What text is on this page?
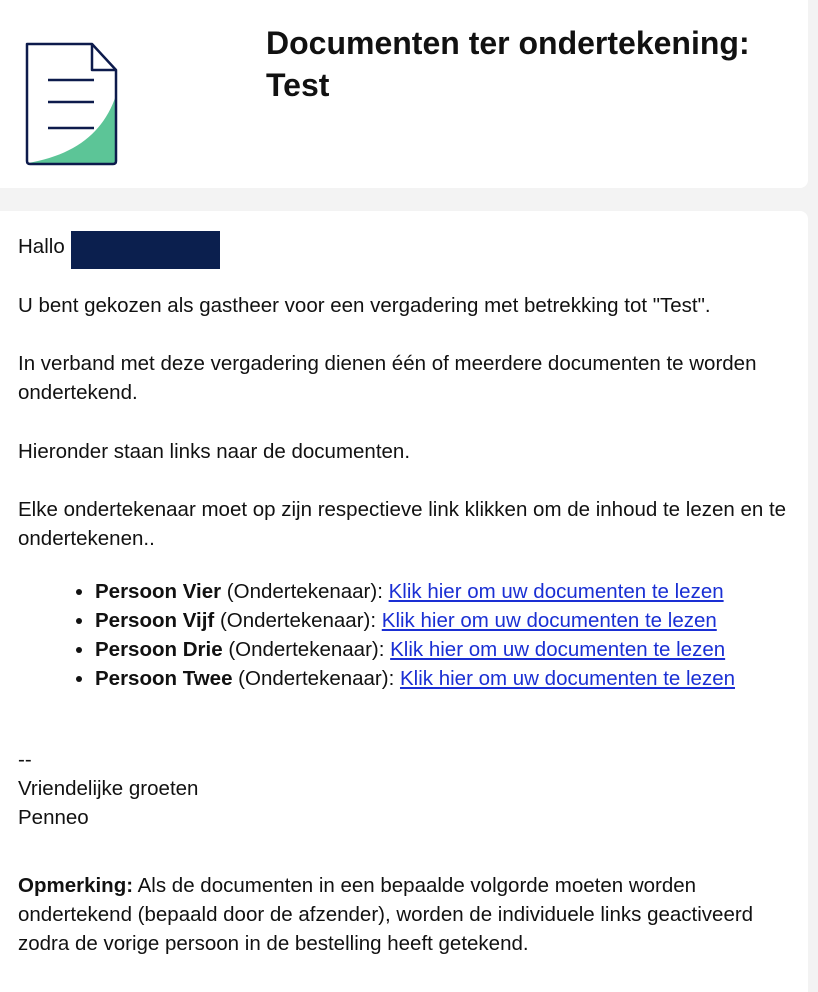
Documenten ter ondertekening:
Test
Hallo

U bent gekozen als gastheer voor een vergadering met betrekking tot "Test".

In verband met deze vergadering dienen één of meerdere documenten te worden ondertekend.

Hieronder staan links naar de documenten.

Elke ondertekenaar moet op zijn respectieve link klikken om de inhoud te lezen en te ondertekenen..

Persoon Vier (Ondertekenaar): Klik hier om uw documenten te lezen
Persoon Vijf (Ondertekenaar): Klik hier om uw documenten te lezen
Persoon Drie (Ondertekenaar): Klik hier om uw documenten te lezen
Persoon Twee (Ondertekenaar): Klik hier om uw documenten te lezen
--
Vriendelijke groeten
Penneo

Opmerking: Als de documenten in een bepaalde volgorde moeten worden ondertekend (bepaald door de afzender), worden de individuele links geactiveerd zodra de vorige persoon in de bestelling heeft getekend.
